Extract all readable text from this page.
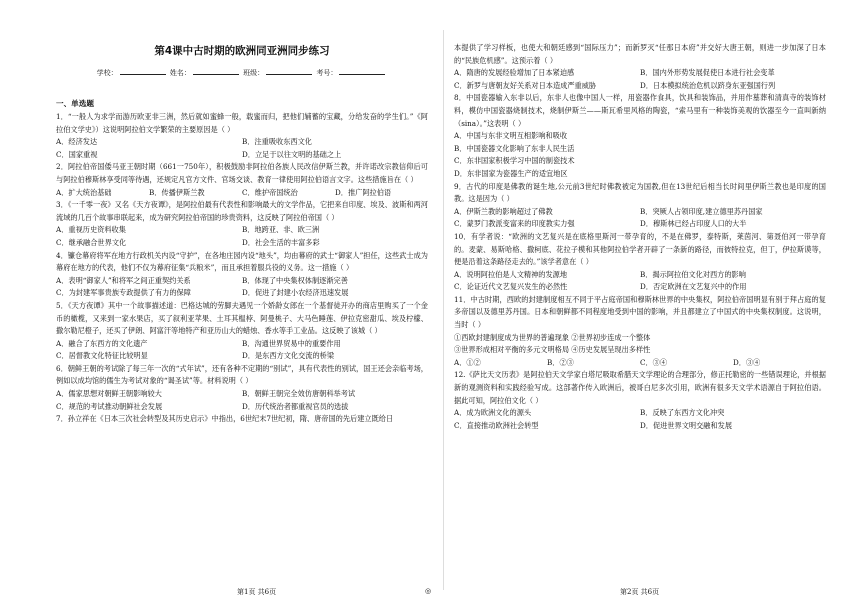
第4课中古时期的欧洲同亚洲同步练习
学校：	姓名：	班级：	考号：
一、单选题

1．“一般人为求学而游历欧亚非三洲，然后就如蜜蜂一般，载蜜而归，把他们辅蓄的宝藏，分给发奋的学生们。”《阿拉伯文学史》）这说明阿拉伯文学繁荣的主要原因是（ ）

A．经济发达	B．注重吸收东西文化
C．国家重视	D．立足于以往文明的基础之上

2．阿拉伯帝国倭马亚王朝时期（661一750年），积极鼓励非阿拉伯各族人民改信伊斯兰教，并许诺改宗教信仰后可与阿拉伯穆斯林享受同等待遇，还规定凡官方文件、官场交谈、教育一律使用阿拉伯语言文字。这些措施旨在（ ）

A．扩大统治基础	B．传播伊斯兰教	C．维护帝国统治	D．推广阿拉伯语

3．《一千零一夜》又名《天方夜谭》，是阿拉伯最有代表性和影响最大的文学作品，它把来自印度、埃及、波斯和两河流域的几百个故事串联起来，成为研究阿拉伯帝国的珍贵资料，这反映了阿拉伯帝国（ ）

A．重视历史资料收集	B．地跨亚、非、欧三洲
C．继承融合世界文化	D．社会生活的丰富多彩

4．镰仓幕府将军在地方行政机关内设“守护”，在各地庄园内设“地头”，均由幕府的武士“御家人”担任，这些武士成为幕府在地方的代表，他们不仅为幕府征集“兵粮米”，而且承担着服兵役的义务。这一措施（ ）

A．表明“御家人”和将军之间正重契约关系	B．体现了中央集权体制逐渐完善
C．为封建军事贵族专政提供了有力的保障	D．促进了封建小农经济迅速发展

5．《天方夜谭》其中一个故事描述道：巴格达城的劳脚夫遇见一个娇龄女郎在一个基督徒开办的商店里购买了一个金币的橄榄，又来到一家水果店，买了叙利亚苹果、土耳其榅桲、阿曼桃子、大马色睡莲、伊拉克密甜瓜、埃及柠檬、撒尔勒尼橙子，还买了伊朗、阿富汗等地特产和亚历山大的蜡烛、香水等手工业品。这反映了该城（ ）

A．融合了东西方的文化遗产	B．沟通世界贸易中的重要作用
C．居督教文化特征比较明显	D．是东西方文化交流的桥梁

6．朝鲜王朝的考试除了每三年一次的“式年试”，还有各种不定期的“别试”，具有代表性的别试，国王还会亲临考场，例如以成均馆的儒生为考试对象的“谒圣试”等。材料说明（ ）

A．儒家思想对朝鲜王朝影响较大	B．朝鲜王朝完全效仿唐朝科举考试
C．规范的考试推动朝鲜社会发展	D．历代统治者都重视官员的选拔

7．孙立祥在《日本三次社会转型及其历史启示》中指出，6世纪末7世纪初，隋、唐帝国的先后建立既给日

本提供了学习样板，也使大和朝廷感到“国际压力”；而新罗灭“任那日本府”并交好大唐王朝，则进一步加深了日本的“民族危机感”。这预示着（ ）

A．隋唐的发展经验增加了日本紧迫感	B．国内外形势发展促使日本进行社会变革
C．新罗与唐朝友好关系对日本造成严重威胁	D．日本模拟统治危机以跻身东亚强国行列

8．中国瓷器输入东非以后，东非人也像中国人一样，用瓷器作食具，饮具和装饰品，并用作墓葬和清真寺的装饰材料，模仿中国瓷器烧制技术，烧制伊斯兰——斯瓦希里风格的陶瓷，“索马里有一种装饰美观的饮器至今一直叫新纳（sina）。”这表明（ ）

A．中国与东非文明互相影响和吸收
B．中国瓷器文化影响了东非人民生活
C．东非国家积极学习中国的制瓷技术
D．东非国家为瓷器生产的适宜地区

9．古代的印度是佛教的诞生地,公元前3世纪时佛教被定为国教,但在13世纪后相当长时间里伊斯兰教也是印度的国教。这是因为（ ）

A．伊斯兰教的影响超过了佛教	B．突厥人占领印度,建立德里苏丹国家
C．蒙罗门教派变富来的印度教实力强	D．穆斯林已经占印度人口的大半

10．有学者说：“欧洲的文艺复兴是在底格里斯河一带孕育的，不是在佛罗，泰特斯，莱茵河、第聂伯河一带孕育的。麦蒙、易斯哈格、撒柯底、花拉子模和其他阿拉伯学者开辟了一条新的路径，而彼特拉克，但丁，伊拉斯谟等，便是沿着这条路径走去的。”该学者意在（ ）

A．说明阿拉伯是人文精神的发源地	B．揭示阿拉伯文化对西方的影响
C．论证近代文艺复兴发生的必然性	D．否定欧洲在文艺复兴中的作用

11．中古时期，西欧的封建制度相互不同于平占庭帝国和穆斯林世界的中央集权，阿拉伯帝国明显有别于拜占庭的复多帝国以及德里苏丹国。日本和朝鲜都不同程度地受到中国的影响，并且都建立了中国式的中央集权制度。这说明，当时（ ）

①西欧封建制度成为世界的普遍现象 ②世界初步连成一个整体

③世界形成相对平衡的多元文明格局 ④历史发展呈现出多样性

A．①②	B．②③	C．③④	D．③④

12.《萨比天文历表》是阿拉伯天文学家白塔尼吸取希腊天文学理论的合理部分，修正托勒密的一些错误理论，并根据新的观测资料和实践经验写成。这部著作传入欧洲后，被哥白尼多次引用，欧洲有很多天文学术语源自于阿拉伯语。据此可知，阿拉伯文化（ ）

A．成为欧洲文化的源头	B．反映了东西方文化冲突
C．直接推动欧洲社会转型	D．促进世界文明交融和发展
第1页 共6页	◎	第2页 共6页
